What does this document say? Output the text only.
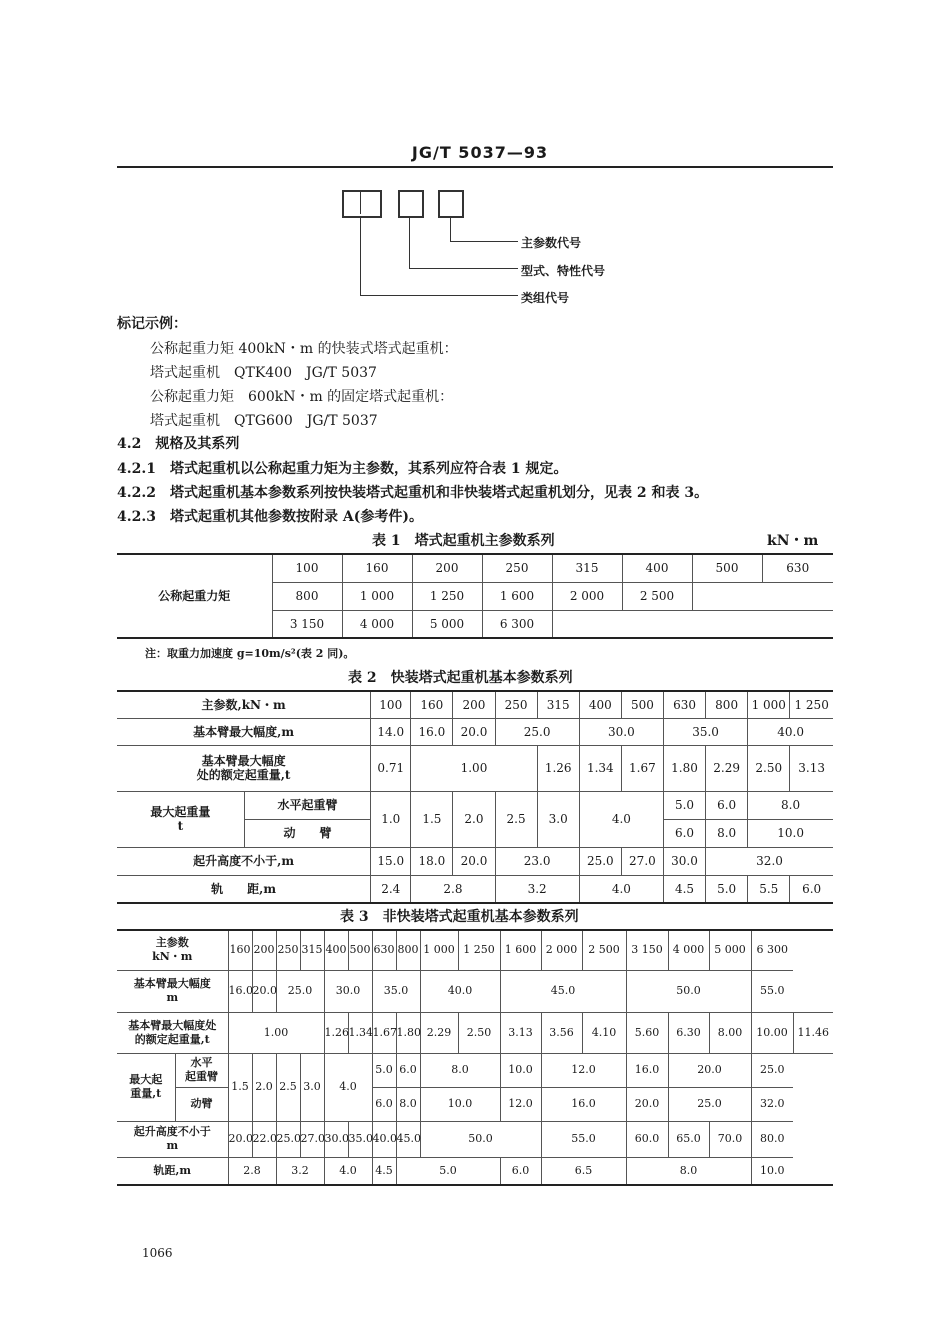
JG/T 5037—93
主参数代号
型式、特性代号
类组代号
标记示例：
公称起重力矩 400kN・m 的快装式塔式起重机：
塔式起重机　QTK400　JG/T 5037
公称起重力矩　600kN・m 的固定塔式起重机：
塔式起重机　QTG600　JG/T 5037
4.2　规格及其系列
4.2.1　塔式起重机以公称起重力矩为主参数，其系列应符合表 1 规定。
4.2.2　塔式起重机基本参数系列按快装塔式起重机和非快装塔式起重机划分，见表 2 和表 3。
4.2.3　塔式起重机其他参数按附录 A(参考件)。
表 1　塔式起重机主参数系列	kN・m
公称起重力矩	100	160	200	250	315	400	500	630
	800	1 000	1 250	1 600	2 000	2 500		
	3 150	4 000	5 000	6 300				
注：取重力加速度 g=10m/s²(表 2 同)。
表 2　快装塔式起重机基本参数系列
主参数,kN・m		100	160	200	250	315	400	500	630	800	1 000	1 250
基本臂最大幅度,m		14.0	16.0	20.0	25.0		30.0		35.0		40.0	
基本臂最大幅度
处的额定起重量,t		0.71	1.00			1.26	1.34	1.67	1.80	2.29	2.50	3.13
最大起重量
t	水平起重臂	1.0	1.5	2.0	2.5	3.0	4.0		5.0	6.0	8.0	
	动　　臂								6.0	8.0	10.0	
起升高度不小于,m		15.0	18.0	20.0	23.0		25.0	27.0	30.0	32.0		
轨　　距,m		2.4	2.8		3.2		4.0		4.5	5.0	5.5	6.0
表 3　非快装塔式起重机基本参数系列
主参数
kN・m		160	200	250	315	400	500	630	800	1 000	1 250	1 600	2 000	2 500	3 150	4 000	5 000	6 300	
基本臂最大幅度
m		16.0	20.0	25.0		30.0		35.0		40.0		45.0			50.0			55.0	
基本臂最大幅度处
的额定起重量,t		1.00				1.26	1.34	1.67	1.80	2.29	2.50	3.13	3.56	4.10	5.60	6.30	8.00	10.00	11.46
最大起
重量,t	水平
起重臂	1.5	2.0	2.5	3.0	4.0		5.0	6.0	8.0		10.0	12.0		16.0	20.0		25.0	
	动臂							6.0	8.0	10.0		12.0	16.0		20.0	25.0		32.0	
起升高度不小于
m		20.0	22.0	25.0	27.0	30.0	35.0	40.0	45.0	50.0			55.0		60.0	65.0	70.0	80.0	
轨距,m		2.8		3.2		4.0		4.5	5.0			6.0	6.5		8.0			10.0	
1066
